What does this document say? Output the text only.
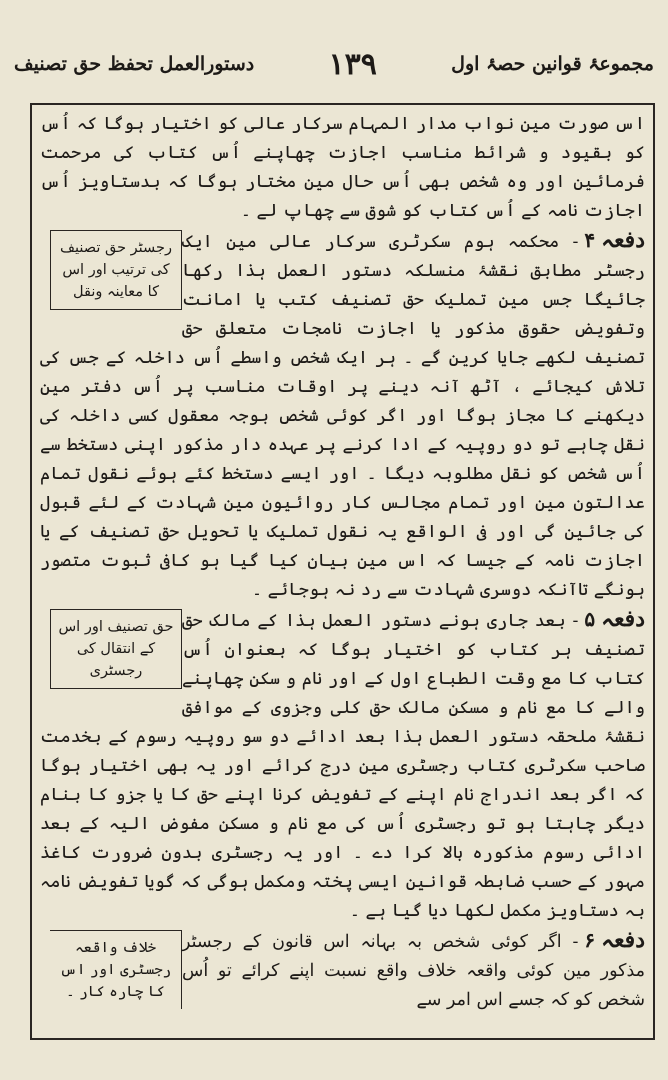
مجموعۂ قوانین حصۂ اول
۱۳۹
دستورالعمل تحفظ حق تصنیف

اس صورت مین نواب مدار المہام سرکار عالی کو اختیار ہوگا کہ اُس کو بقیود و شرائط مناسب اجازت چھاپنے اُس کتاب کی مرحمت فرمائین اور وہ شخص بھی اُس حال مین مختار ہوگا کہ بدستاویز اُس اجازت نامہ کے اُس کتاب کو شوق سے چھاپ لے ۔

رجسٹر حق تصنیف کی ترتیب اور اس کا معاینہ ونقل
دفعہ۴- محکمہ ہوم سکرٹری سرکار عالی مین ایک رجسٹر مطابق نقشۂ منسلکہ دستور العمل ہذا رکھا جائیگا جس مین تملیک حق تصنیف کتب یا امانت وتفویض حقوق مذکور یا اجازت نامجات متعلق حق تصنیف لکھے جایا کرین گے ۔ ہر ایک شخص واسطے اُس داخلہ کے جس کی تلاش کیجائے ، آٹھ آنہ دینے پر اوقات مناسب پر اُس دفتر مین دیکھنے کا مجاز ہوگا اور اگر کوئی شخص بوجہ معقول کسی داخلہ کی نقل چاہے تو دو روپیہ کے ادا کرنے پر عہدہ دار مذکور اپنی دستخط سے اُس شخص کو نقل مطلوبہ دیگا ۔ اور ایسے دستخط کئے ہوئے نقول تمام عدالتون مین اور تمام مجالس کار روائیون مین شہادت کے لئے قبول کی جائین گی اور فی الواقع یہ نقول تملیک یا تحویل حق تصنیف کے یا اجازت نامہ کے جیسا کہ اس مین بیان کیا گیا ہو کافی ثبوت متصور ہونگے تاآنکہ دوسری شہادت سے رد نہ ہوجائے ۔
حق تصنیف اور اس کے انتقال کی رجسٹری
دفعہ۵- بعد جاری ہونے دستور العمل ہذا کے مالک حق تصنیف ہر کتاب کو اختیار ہوگا کہ بعنوان اُس کتاب کا مع وقت الطباع اول کے اور نام و سکن چھاپنے والے کا مع نام و مسکن مالک حق کلی وجزوی کے موافق نقشۂ ملحقہ دستور العمل ہذا بعد ادائے دو سو روپیہ رسوم کے بخدمت صاحب سکرٹری کتاب رجسٹری مین درج کرائے اور یہ بھی اختیار ہوگا کہ اگر بعد اندراج نام اپنے کے تفویض کرنا اپنے حق کا یا جزو کا بنام دیگر چاہتا ہو تو رجسٹری اُس کی مع نام و مسکن مفوض الیہ کے بعد ادائی رسوم مذکورہ بالا کرا دے ۔ اور یہ رجسٹری بدون ضرورت کاغذ مہور کے حسب ضابطہ قوانین ایسی پختہ ومکمل ہوگی کہ گویا تفویض نامہ بہ دستاویز مکمل لکھا دیا گیا ہے ۔
خلاف واقعہ رجسٹری اور اس کا چارہ کار ۔
دفعہ۶- اگر کوئی شخص بہ بہانہ اس قانون کے رجسٹر مذکور مین کوئی واقعہ خلاف واقع نسبت اپنے کرائے تو اُس شخص کو کہ جسے اس امر سے
